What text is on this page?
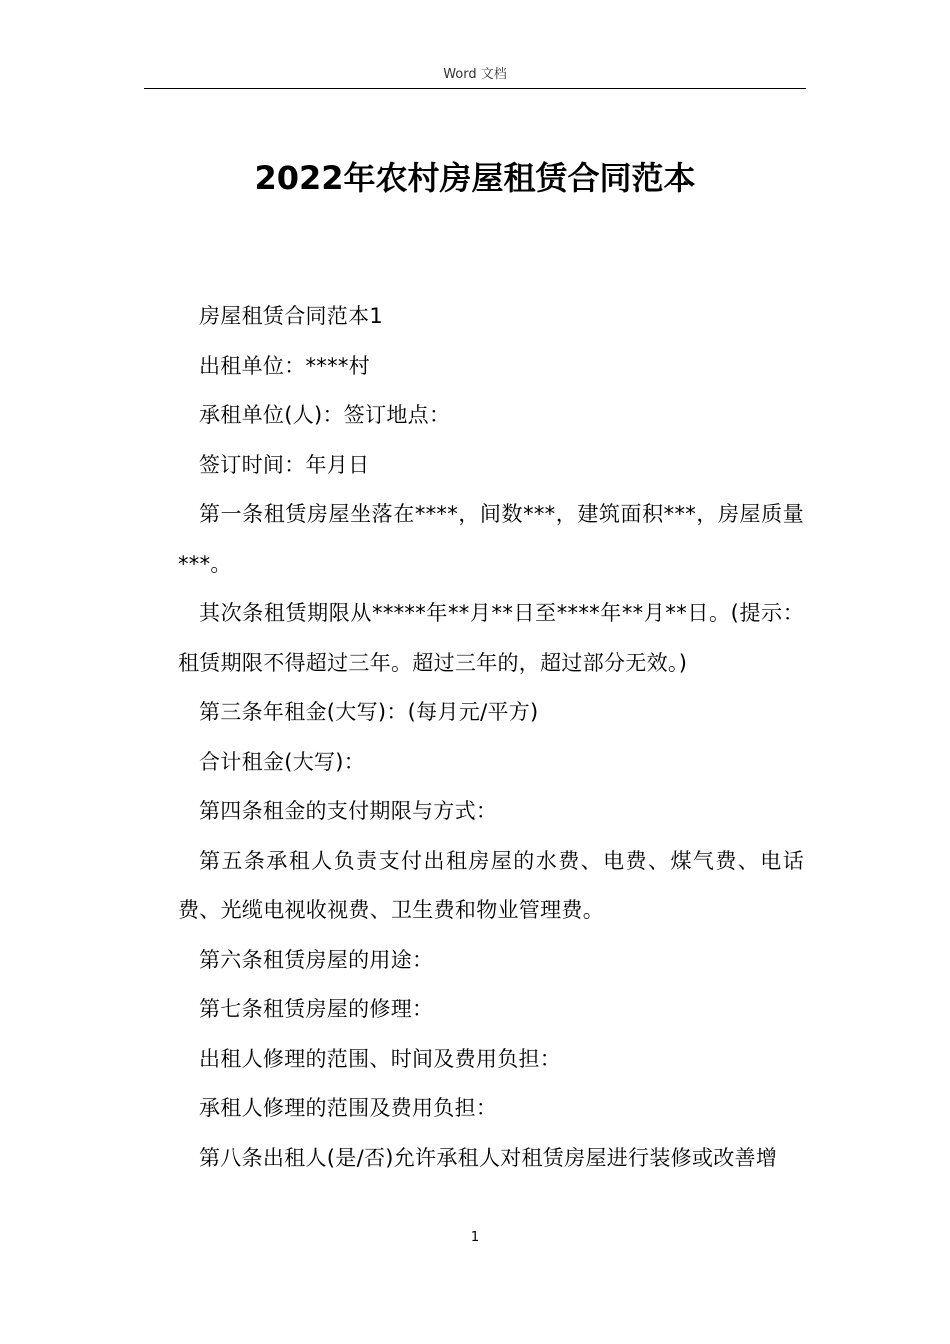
Word 文档
2022年农村房屋租赁合同范本

房屋租赁合同范本1

出租单位：****村

承租单位(人)：签订地点：

签订时间：年月日

第一条租赁房屋坐落在****，间数***，建筑面积***，房屋质量***。

其次条租赁期限从*****年**月**日至****年**月**日。(提示：租赁期限不得超过三年。超过三年的，超过部分无效。)

第三条年租金(大写)：(每月元/平方)

合计租金(大写)：

第四条租金的支付期限与方式：

第五条承租人负责支付出租房屋的水费、电费、煤气费、电话费、光缆电视收视费、卫生费和物业管理费。

第六条租赁房屋的用途：

第七条租赁房屋的修理：

出租人修理的范围、时间及费用负担：

承租人修理的范围及费用负担：

第八条出租人(是/否)允许承租人对租赁房屋进行装修或改善增

1
